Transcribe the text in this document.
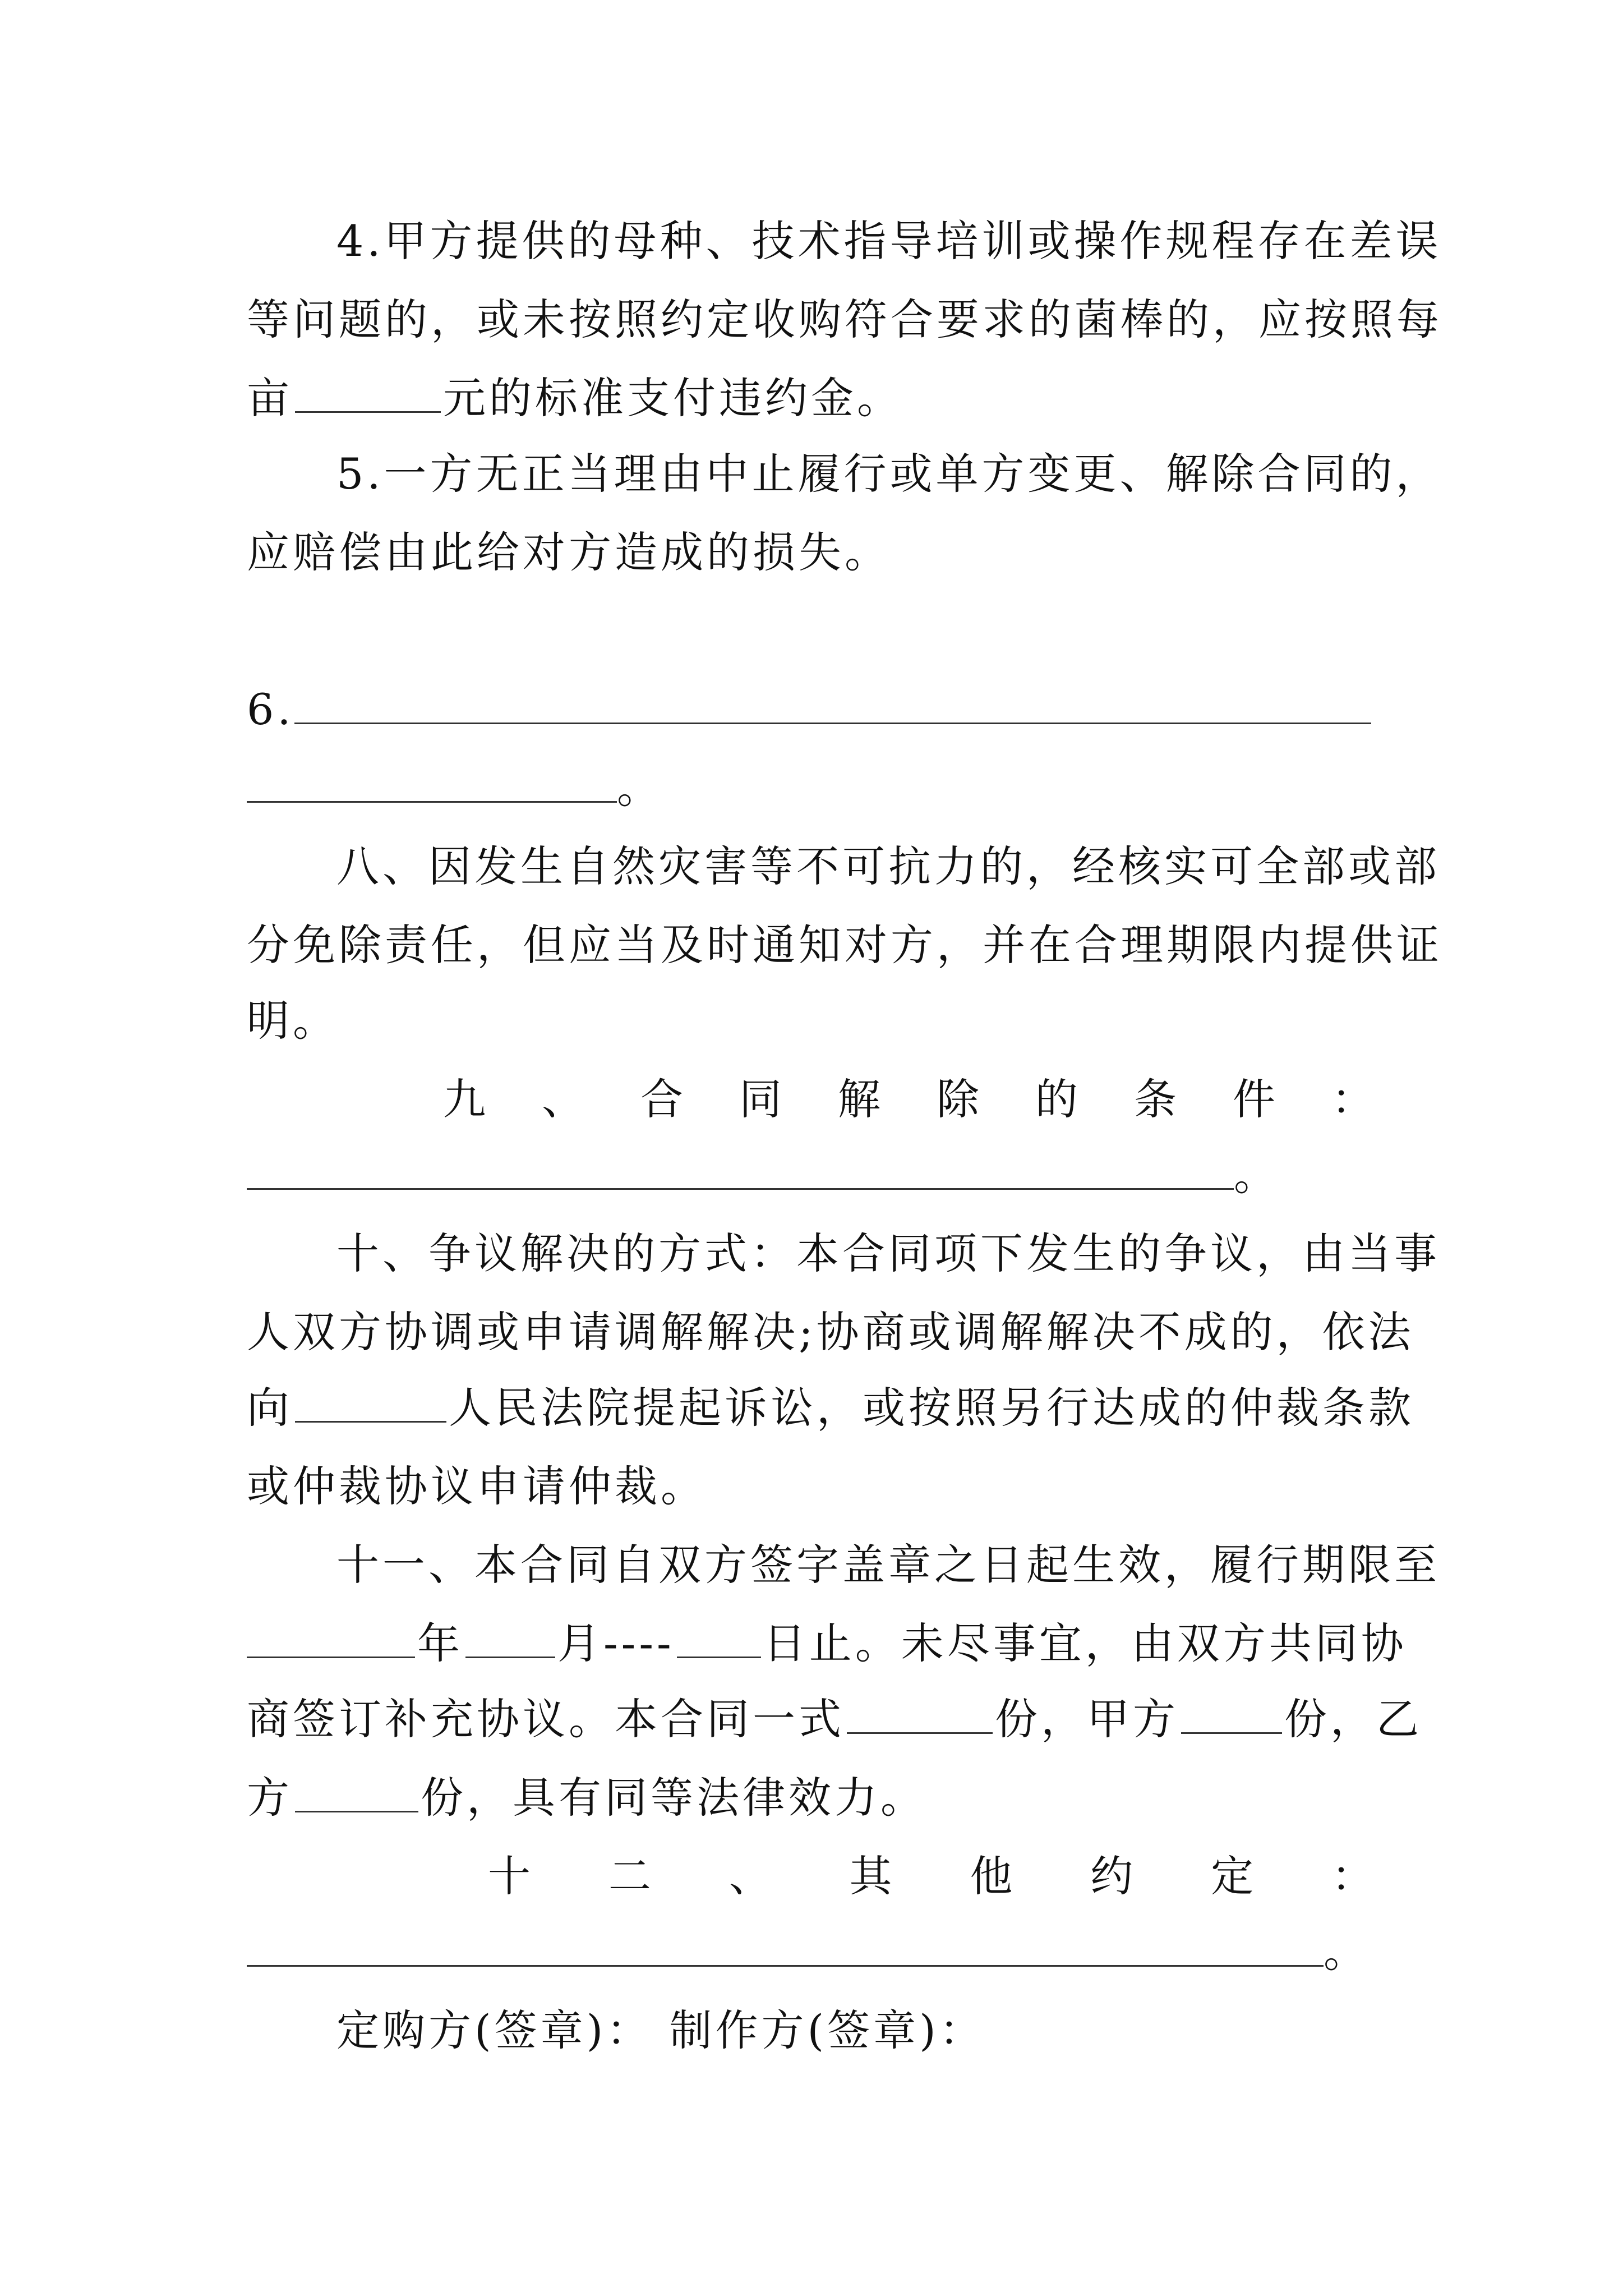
4.甲方提供的母种、技术指导培训或操作规程存在差误
等问题的，或未按照约定收购符合要求的菌棒的，应按照每
亩	元的标准支付违约金。
5.一方无正当理由中止履行或单方变更、解除合同的，
应赔偿由此给对方造成的损失。
6.
。
八、因发生自然灾害等不可抗力的，经核实可全部或部
分免除责任，但应当及时通知对方，并在合理期限内提供证
明。
九 、 合 同 解 除 的 条 件 ：
。
十、争议解决的方式：本合同项下发生的争议，由当事
人双方协调或申请调解解决;协商或调解解决不成的，依法
向	人民法院提起诉讼，或按照另行达成的仲裁条款
或仲裁协议申请仲裁。
十一、本合同自双方签字盖章之日起生效，履行期限至
年 月---- 日止。未尽事宜，由双方共同协
商签订补充协议。本合同一式	份，甲方 份，乙
方	份，具有同等法律效力。
十 二 、 其 他 约 定 ：
。
定购方(签章)： 制作方(签章)：
